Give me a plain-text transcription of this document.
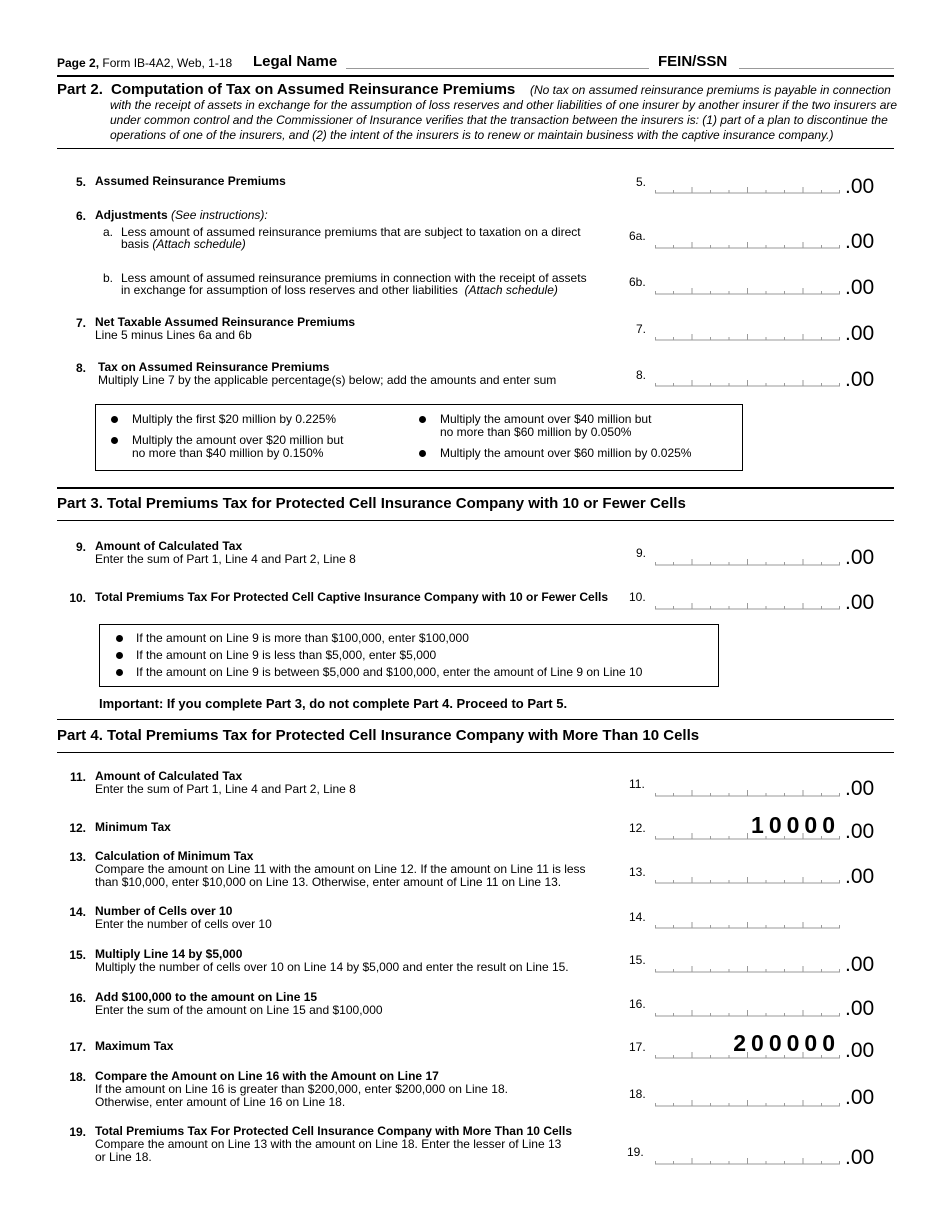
Page 2, Form IB-4A2, Web, 1-18 Legal Name	FEIN/SSN
Part 2. Computation of Tax on Assumed Reinsurance Premiums (No tax on assumed reinsurance premiums is payable in connection
with the receipt of assets in exchange for the assumption of loss reserves and other liabilities of one insurer by another insurer if the two insurers are
under common control and the Commissioner of Insurance verifies that the transaction between the insurers is: (1) part of a plan to discontinue the
operations of one of the insurers, and (2) the intent of the insurers is to renew or maintain business with the captive insurance company.)
5. Assumed Reinsurance Premiums	5.	.00
6. Adjustments (See instructions):
a. Less amount of assumed reinsurance premiums that are subject to taxation on a direct
basis (Attach schedule)
6a.	.00
b. Less amount of assumed reinsurance premiums in connection with the receipt of assets
in exchange for assumption of loss reserves and other liabilities (Attach schedule)
6b.	.00
7. Net Taxable Assumed Reinsurance Premiums
Line 5 minus Lines 6a and 6b	7.	.00
8. Tax on Assumed Reinsurance Premiums
Multiply Line 7 by the applicable percentage(s) below; add the amounts and enter sum	8.	.00
Multiply the first $20 million by 0.225%
Multiply the amount over $20 million but
no more than $40 million by 0.150%
Multiply the amount over $40 million but
no more than $60 million by 0.050%
Multiply the amount over $60 million by 0.025%
Part 3. Total Premiums Tax for Protected Cell Insurance Company with 10 or Fewer Cells
9. Amount of Calculated Tax
Enter the sum of Part 1, Line 4 and Part 2, Line 8	9.	.00
10. Total Premiums Tax For Protected Cell Captive Insurance Company with 10 or Fewer Cells 10.	.00
If the amount on Line 9 is more than $100,000, enter $100,000
If the amount on Line 9 is less than $5,000, enter $5,000
If the amount on Line 9 is between $5,000 and $100,000, enter the amount of Line 9 on Line 10
Important: If you complete Part 3, do not complete Part 4. Proceed to Part 5.
Part 4. Total Premiums Tax for Protected Cell Insurance Company with More Than 10 Cells
11. Amount of Calculated Tax
Enter the sum of Part 1, Line 4 and Part 2, Line 8	11.	.00
12. Minimum Tax	12.	10000 .00
13. Calculation of Minimum Tax
Compare the amount on Line 11 with the amount on Line 12. If the amount on Line 11 is less
than $10,000, enter $10,000 on Line 13. Otherwise, enter amount of Line 11 on Line 13.
13.	.00
14. Number of Cells over 10
Enter the number of cells over 10	14.
15. Multiply Line 14 by $5,000
Multiply the number of cells over 10 on Line 14 by $5,000 and enter the result on Line 15.	15.	.00
16. Add $100,000 to the amount on Line 15
Enter the sum of the amount on Line 15 and $100,000	16.	.00
17. Maximum Tax	17.	200000 .00
18. Compare the Amount on Line 16 with the Amount on Line 17
If the amount on Line 16 is greater than $200,000, enter $200,000 on Line 18.
Otherwise, enter amount of Line 16 on Line 18.
18.	.00
19. Total Premiums Tax For Protected Cell Insurance Company with More Than 10 Cells
Compare the amount on Line 13 with the amount on Line 18. Enter the lesser of Line 13
or Line 18.	19.	.00
